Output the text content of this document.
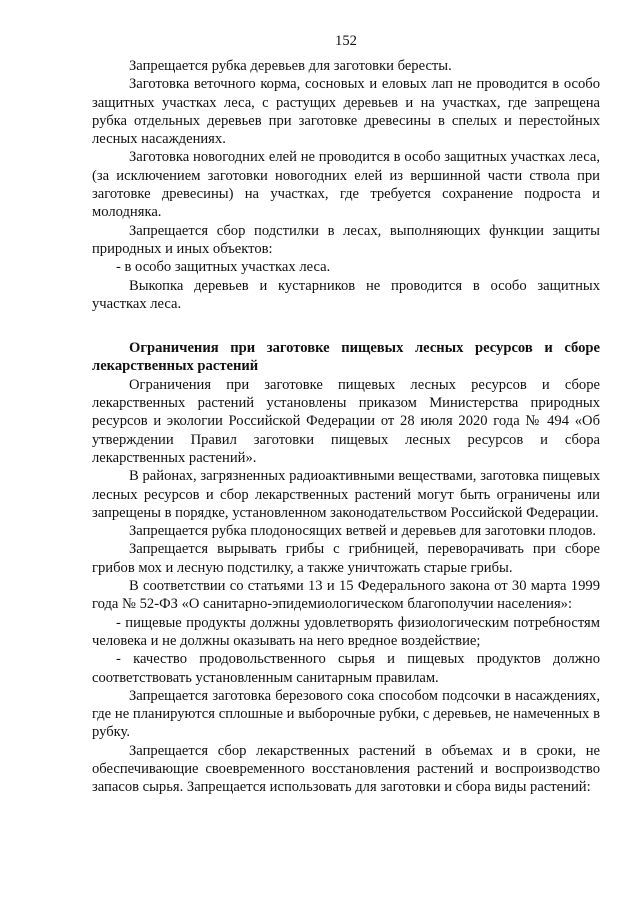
152

Запрещается рубка деревьев для заготовки бересты.

Заготовка веточного корма, сосновых и еловых лап не проводится в особо защитных участках леса, с растущих деревьев и на участках, где запрещена рубка отдельных деревьев при заготовке древесины в спелых и перестойных лесных насаждениях.

Заготовка новогодних елей не проводится в особо защитных участках леса, (за исключением заготовки новогодних елей из вершинной части ствола при заготовке древесины) на участках, где требуется сохранение подроста и молодняка.

Запрещается сбор подстилки в лесах, выполняющих функции защиты природных и иных объектов:

- в особо защитных участках леса.

Выкопка деревьев и кустарников не проводится в особо защитных участках леса.

Ограничения при заготовке пищевых лесных ресурсов и сборе лекарственных растений

Ограничения при заготовке пищевых лесных ресурсов и сборе лекарственных растений установлены приказом Министерства природных ресурсов и экологии Российской Федерации от 28 июля 2020 года № 494 «Об утверждении Правил заготовки пищевых лесных ресурсов и сбора лекарственных растений».

В районах, загрязненных радиоактивными веществами, заготовка пищевых лесных ресурсов и сбор лекарственных растений могут быть ограничены или запрещены в порядке, установленном законодательством Российской Федерации.

Запрещается рубка плодоносящих ветвей и деревьев для заготовки плодов.

Запрещается вырывать грибы с грибницей, переворачивать при сборе грибов мох и лесную подстилку, а также уничтожать старые грибы.

В соответствии со статьями 13 и 15 Федерального закона от 30 марта 1999 года № 52-ФЗ «О санитарно-эпидемиологическом благополучии населения»:

- пищевые продукты должны удовлетворять физиологическим потребностям человека и не должны оказывать на него вредное воздействие;

- качество продовольственного сырья и пищевых продуктов должно соответствовать установленным санитарным правилам.

Запрещается заготовка березового сока способом подсочки в насаждениях, где не планируются сплошные и выборочные рубки, с деревьев, не намеченных в рубку.

Запрещается сбор лекарственных растений в объемах и в сроки, не обеспечивающие своевременного восстановления растений и воспроизводство запасов сырья. Запрещается использовать для заготовки и сбора виды растений:
